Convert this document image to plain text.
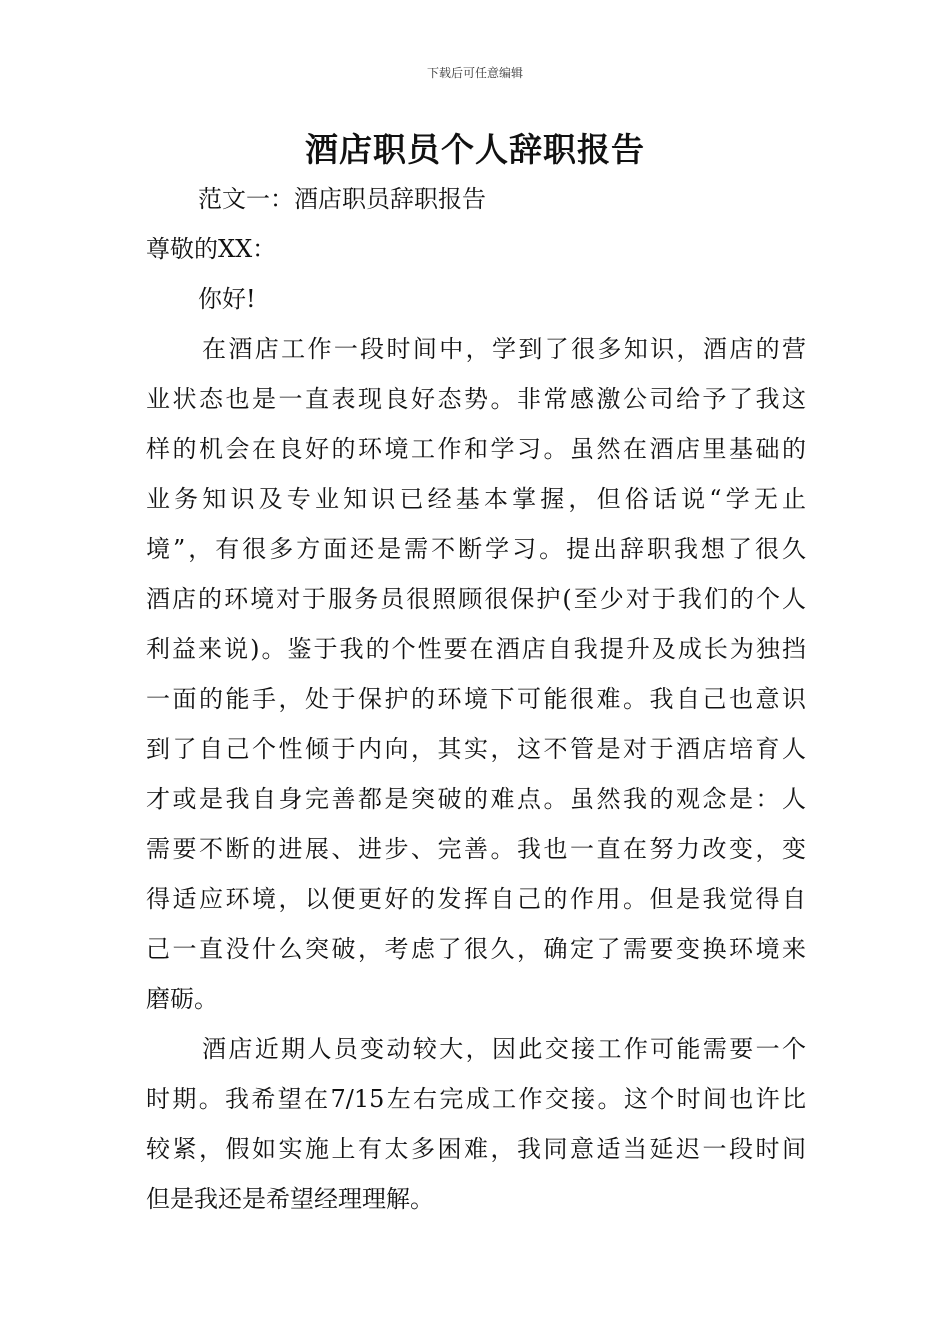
下载后可任意编辑
酒店职员个人辞职报告
范文一：酒店职员辞职报告
尊敬的XX：
你好!
在酒店工作一段时间中，学到了很多知识，酒店的营
业状态也是一直表现良好态势。非常感激公司给予了我这
样的机会在良好的环境工作和学习。虽然在酒店里基础的
业务知识及专业知识已经基本掌握，但俗话说“学无止
境”，有很多方面还是需不断学习。提出辞职我想了很久
酒店的环境对于服务员很照顾很保护(至少对于我们的个人
利益来说)。鉴于我的个性要在酒店自我提升及成长为独挡
一面的能手，处于保护的环境下可能很难。我自己也意识
到了自己个性倾于内向，其实，这不管是对于酒店培育人
才或是我自身完善都是突破的难点。虽然我的观念是：人
需要不断的进展、进步、完善。我也一直在努力改变，变
得适应环境，以便更好的发挥自己的作用。但是我觉得自
己一直没什么突破，考虑了很久，确定了需要变换环境来
磨砺。
酒店近期人员变动较大，因此交接工作可能需要一个
时期。我希望在7/15左右完成工作交接。这个时间也许比
较紧，假如实施上有太多困难，我同意适当延迟一段时间
但是我还是希望经理理解。
